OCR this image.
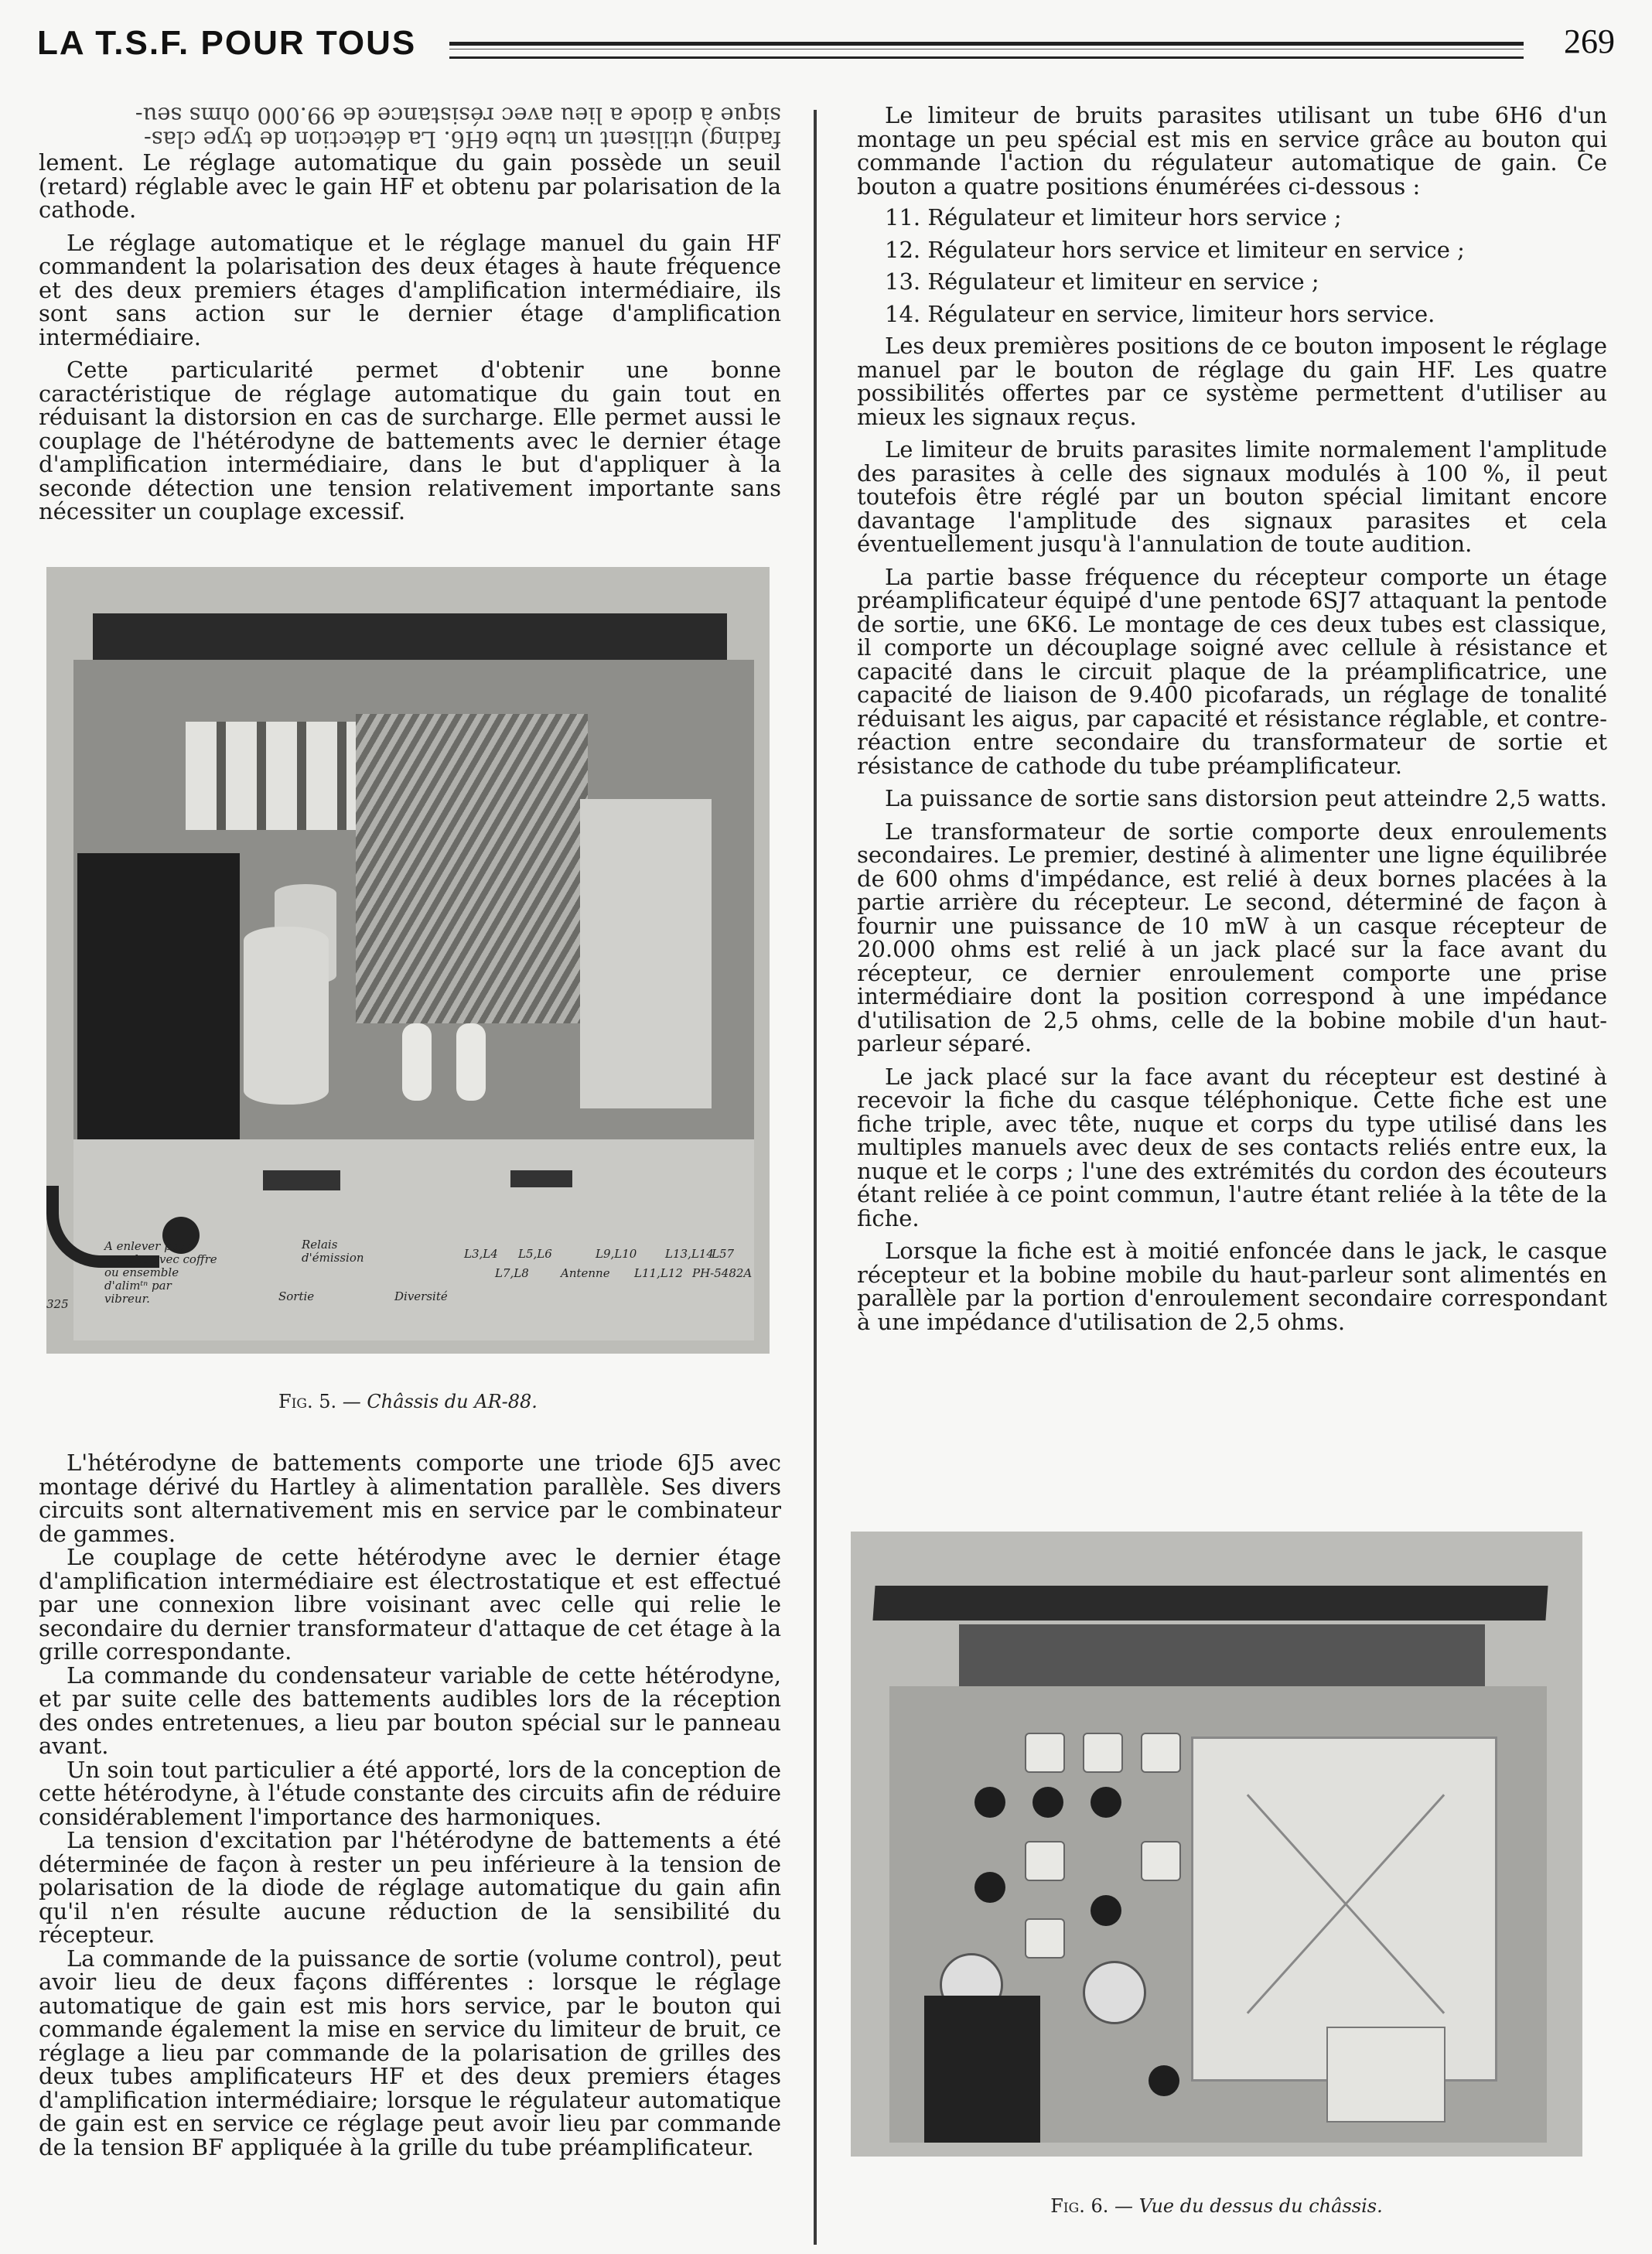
LA T.S.F. POUR TOUS	269
sique à diode a lieu avec résistance de 99.000 ohms seu-
fading) utilisent un tube 6H6. La détection de type clas-

lement. Le réglage automatique du gain possède un seuil (retard) réglable avec le gain HF et obtenu par polarisation de la cathode.

Le réglage automatique et le réglage manuel du gain HF commandent la polarisation des deux étages à haute fréquence et des deux premiers étages d'amplification intermédiaire, ils sont sans action sur le dernier étage d'amplification intermédiaire.

Cette particularité permet d'obtenir une bonne caractéristique de réglage automatique du gain tout en réduisant la distorsion en cas de surcharge. Elle permet aussi le couplage de l'hétérodyne de battements avec le dernier étage d'amplification intermédiaire, dans le but d'appliquer à la seconde détection une tension relativement importante sans nécessiter un couplage excessif.

A enlever pour marche avec coffre ou ensemble d'alimᵗⁿ par vibreur.
325
Relais d'émission
Sortie	Diversité
L3,L4 L5,L6
L7,L8
L9,L10
Antenne L11,L12
L13,L14
L57
PH-5482A
Fig. 5. — Châssis du AR-88.

L'hétérodyne de battements comporte une triode 6J5 avec montage dérivé du Hartley à alimentation parallèle. Ses divers circuits sont alternativement mis en service par le combinateur de gammes.

Le couplage de cette hétérodyne avec le dernier étage d'amplification intermédiaire est électrostatique et est effectué par une connexion libre voisinant avec celle qui relie le secondaire du dernier transformateur d'attaque de cet étage à la grille correspondante.

La commande du condensateur variable de cette hétérodyne, et par suite celle des battements audibles lors de la réception des ondes entretenues, a lieu par bouton spécial sur le panneau avant.

Un soin tout particulier a été apporté, lors de la conception de cette hétérodyne, à l'étude constante des circuits afin de réduire considérablement l'importance des harmoniques.

La tension d'excitation par l'hétérodyne de battements a été déterminée de façon à rester un peu inférieure à la tension de polarisation de la diode de réglage automatique du gain afin qu'il n'en résulte aucune réduction de la sensibilité du récepteur.

La commande de la puissance de sortie (volume control), peut avoir lieu de deux façons différentes : lorsque le réglage automatique de gain est mis hors service, par le bouton qui commande également la mise en service du limiteur de bruit, ce réglage a lieu par commande de la polarisation de grilles des deux tubes amplificateurs HF et des deux premiers étages d'amplification intermédiaire; lorsque le régulateur automatique de gain est en service ce réglage peut avoir lieu par commande de la tension BF appliquée à la grille du tube préamplificateur.

Le limiteur de bruits parasites utilisant un tube 6H6 d'un montage un peu spécial est mis en service grâce au bouton qui commande l'action du régulateur automatique de gain. Ce bouton a quatre positions énumérées ci-dessous :

11. Régulateur et limiteur hors service ;
12. Régulateur hors service et limiteur en service ;
13. Régulateur et limiteur en service ;
14. Régulateur en service, limiteur hors service.

Les deux premières positions de ce bouton imposent le réglage manuel par le bouton de réglage du gain HF. Les quatre possibilités offertes par ce système permettent d'utiliser au mieux les signaux reçus.

Le limiteur de bruits parasites limite normalement l'amplitude des parasites à celle des signaux modulés à 100 %, il peut toutefois être réglé par un bouton spécial limitant encore davantage l'amplitude des signaux parasites et cela éventuellement jusqu'à l'annulation de toute audition.

La partie basse fréquence du récepteur comporte un étage préamplificateur équipé d'une pentode 6SJ7 attaquant la pentode de sortie, une 6K6. Le montage de ces deux tubes est classique, il comporte un découplage soigné avec cellule à résistance et capacité dans le circuit plaque de la préamplificatrice, une capacité de liaison de 9.400 picofarads, un réglage de tonalité réduisant les aigus, par capacité et résistance réglable, et contre-réaction entre secondaire du transformateur de sortie et résistance de cathode du tube préamplificateur.

La puissance de sortie sans distorsion peut atteindre 2,5 watts.

Le transformateur de sortie comporte deux enroulements secondaires. Le premier, destiné à alimenter une ligne équilibrée de 600 ohms d'impédance, est relié à deux bornes placées à la partie arrière du récepteur. Le second, déterminé de façon à fournir une puissance de 10 mW à un casque récepteur de 20.000 ohms est relié à un jack placé sur la face avant du récepteur, ce dernier enroulement comporte une prise intermédiaire dont la position correspond à une impédance d'utilisation de 2,5 ohms, celle de la bobine mobile d'un haut-parleur séparé.

Le jack placé sur la face avant du récepteur est destiné à recevoir la fiche du casque téléphonique. Cette fiche est une fiche triple, avec tête, nuque et corps du type utilisé dans les multiples manuels avec deux de ses contacts reliés entre eux, la nuque et le corps ; l'une des extrémités du cordon des écouteurs étant reliée à ce point commun, l'autre étant reliée à la tête de la fiche.

Lorsque la fiche est à moitié enfoncée dans le jack, le casque récepteur et la bobine mobile du haut-parleur sont alimentés en parallèle par la portion d'enroulement secondaire correspondant à une impédance d'utilisation de 2,5 ohms.

Fig. 6. — Vue du dessus du châssis.
